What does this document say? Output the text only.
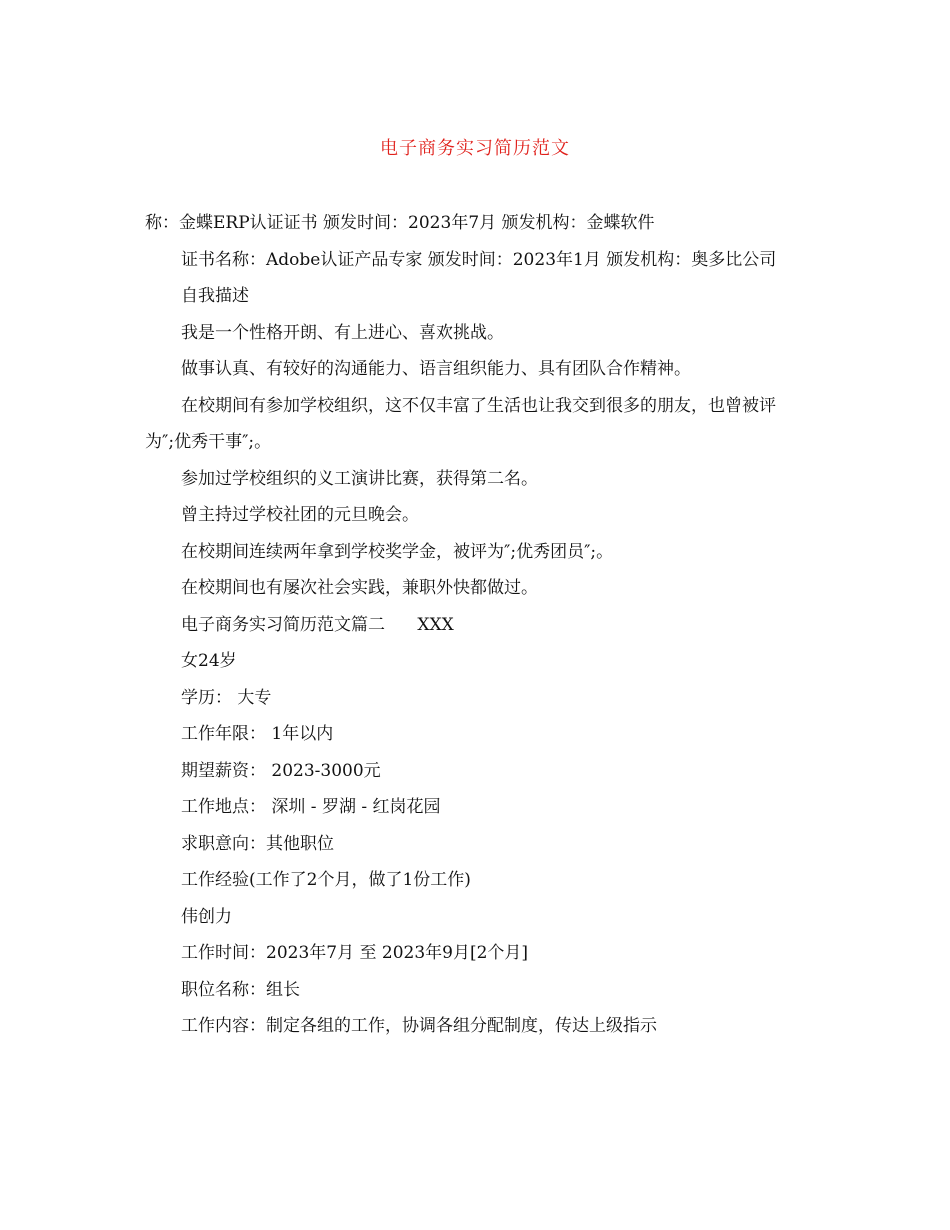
电子商务实习简历范文

称：金蝶ERP认证证书 颁发时间：2023年7月 颁发机构：金蝶软件

证书名称：Adobe认证产品专家 颁发时间：2023年1月 颁发机构：奥多比公司

自我描述

我是一个性格开朗、有上进心、喜欢挑战。

做事认真、有较好的沟通能力、语言组织能力、具有团队合作精神。

在校期间有参加学校组织，这不仅丰富了生活也让我交到很多的朋友，也曾被评为″;优秀干事″;。

参加过学校组织的义工演讲比赛，获得第二名。

曾主持过学校社团的元旦晚会。

在校期间连续两年拿到学校奖学金，被评为″;优秀团员″;。

在校期间也有屡次社会实践，兼职外快都做过。

电子商务实习简历范文篇二      XXX

女24岁

学历： 大专

工作年限： 1年以内

期望薪资： 2023-3000元

工作地点： 深圳 - 罗湖 - 红岗花园

求职意向：其他职位

工作经验(工作了2个月，做了1份工作)

伟创力

工作时间：2023年7月 至 2023年9月[2个月]

职位名称：组长

工作内容：制定各组的工作，协调各组分配制度，传达上级指示
